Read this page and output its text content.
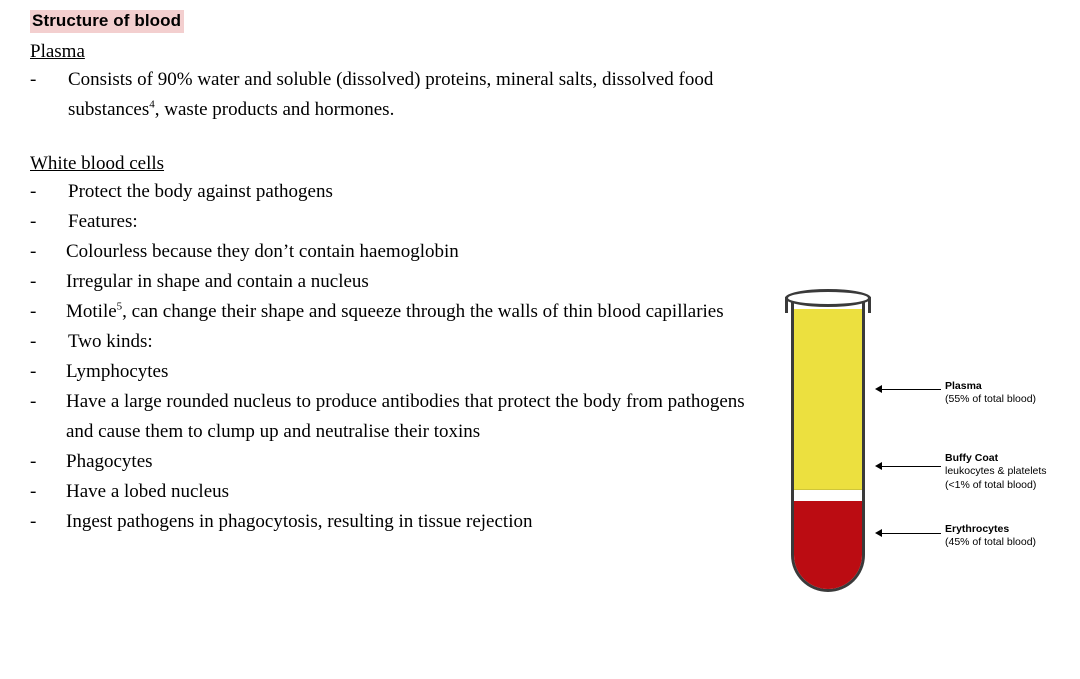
Structure of blood
Plasma
- Consists of 90% water and soluble (dissolved) proteins, mineral salts, dissolved food substances$^4$, waste products and hormones.
White blood cells
- Protect the body against pathogens
- Features:
- Colourless because they don’t contain haemoglobin
- Irregular in shape and contain a nucleus
- Motile$^5$, can change their shape and squeeze through the walls of thin blood capillaries
- Two kinds:
- Lymphocytes
- Have a large rounded nucleus to produce antibodies that protect the body from pathogens and cause them to clump up and neutralise their toxins
- Phagocytes
- Have a lobed nucleus
- Ingest pathogens in phagocytosis, resulting in tissue rejection
Plasma
(55% of total blood)
Buffy Coat
leukocytes & platelets
(<1% of total blood)
Erythrocytes
(45% of total blood)
